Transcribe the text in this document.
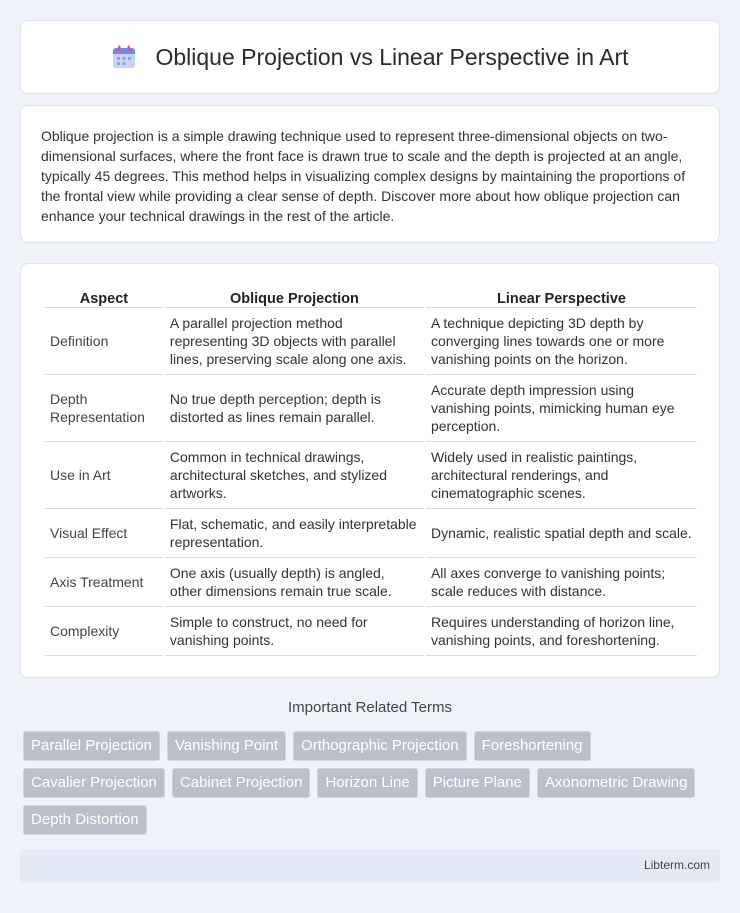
Oblique Projection vs Linear Perspective in Art

Oblique projection is a simple drawing technique used to represent three-dimensional objects on two-dimensional surfaces, where the front face is drawn true to scale and the depth is projected at an angle, typically 45 degrees. This method helps in visualizing complex designs by maintaining the proportions of the frontal view while providing a clear sense of depth. Discover more about how oblique projection can enhance your technical drawings in the rest of the article.

Aspect	Oblique Projection	Linear Perspective
Definition	A parallel projection method representing 3D objects with parallel lines, preserving scale along one axis.	A technique depicting 3D depth by converging lines towards one or more vanishing points on the horizon.
Depth Representation	No true depth perception; depth is distorted as lines remain parallel.	Accurate depth impression using vanishing points, mimicking human eye perception.
Use in Art	Common in technical drawings, architectural sketches, and stylized artworks.	Widely used in realistic paintings, architectural renderings, and cinematographic scenes.
Visual Effect	Flat, schematic, and easily interpretable representation.	Dynamic, realistic spatial depth and scale.
Axis Treatment	One axis (usually depth) is angled, other dimensions remain true scale.	All axes converge to vanishing points; scale reduces with distance.
Complexity	Simple to construct, no need for vanishing points.	Requires understanding of horizon line, vanishing points, and foreshortening.
Important Related Terms
Parallel Projection	Vanishing Point	Orthographic Projection	Foreshortening
Cavalier Projection	Cabinet Projection	Horizon Line	Picture Plane	Axonometric Drawing
Depth Distortion
Libterm.com
